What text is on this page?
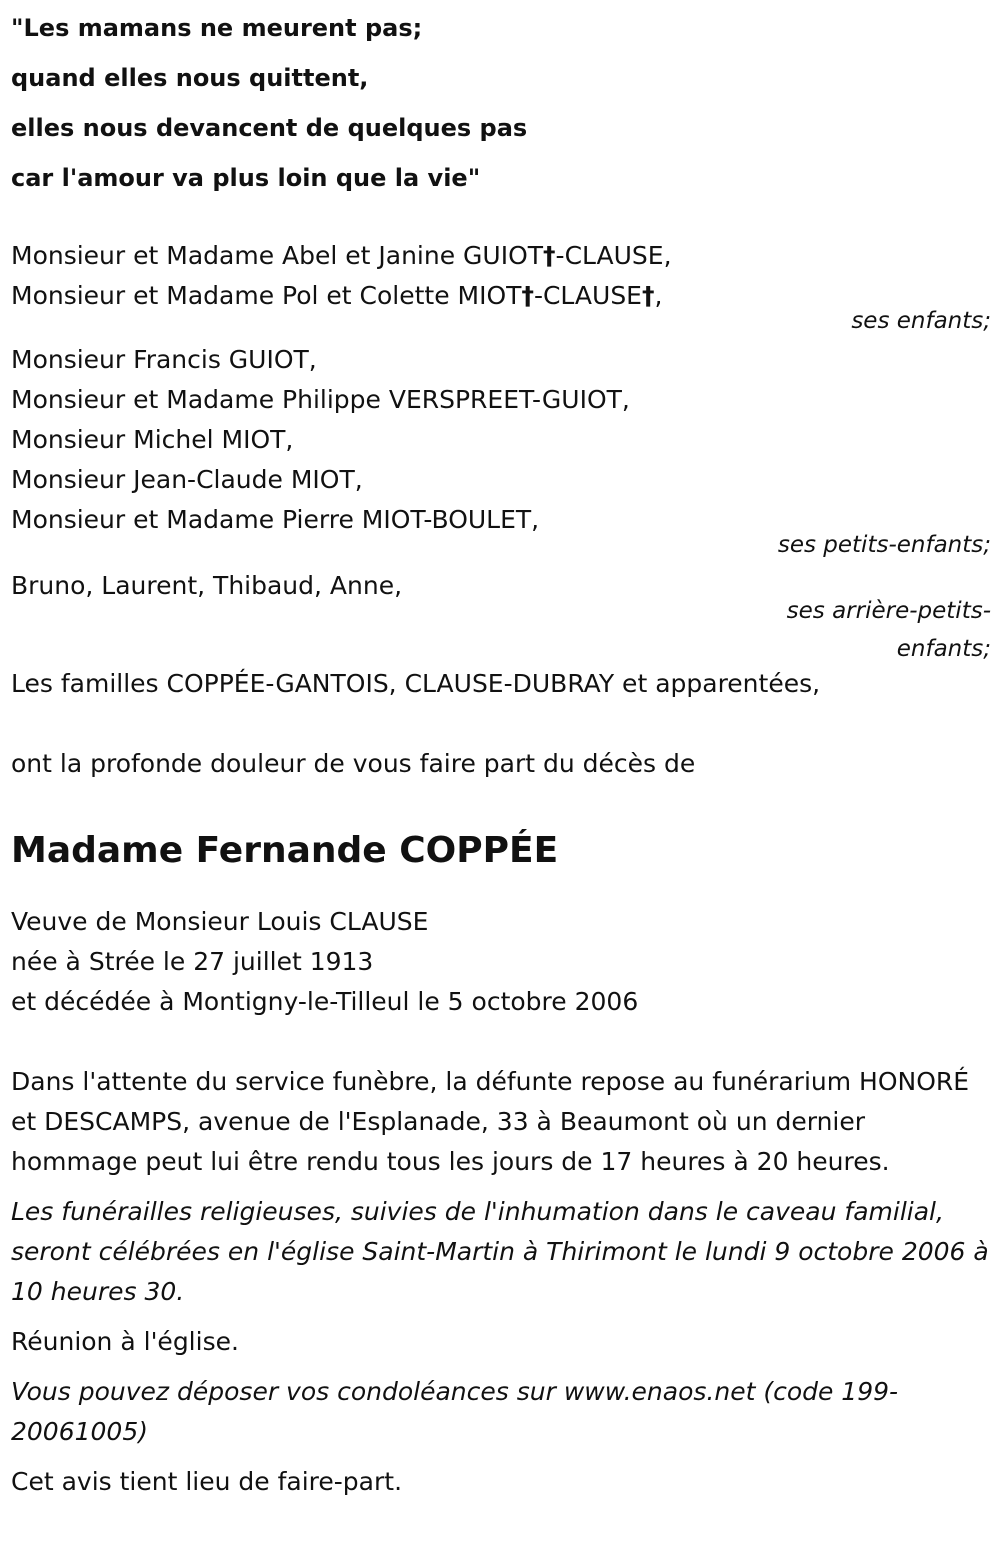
"Les mamans ne meurent pas;
quand elles nous quittent,
elles nous devancent de quelques pas
car l'amour va plus loin que la vie"
Monsieur et Madame Abel et Janine GUIOT†-CLAUSE,
Monsieur et Madame Pol et Colette MIOT†-CLAUSE†,
ses enfants;
Monsieur Francis GUIOT,
Monsieur et Madame Philippe VERSPREET-GUIOT,
Monsieur Michel MIOT,
Monsieur Jean-Claude MIOT,
Monsieur et Madame Pierre MIOT-BOULET,
ses petits-enfants;
Bruno, Laurent, Thibaud, Anne,
ses arrière-petits-
enfants;
Les familles COPPÉE-GANTOIS, CLAUSE-DUBRAY et apparentées,
ont la profonde douleur de vous faire part du décès de
Madame Fernande COPPÉE
Veuve de Monsieur Louis CLAUSE
née à Strée le 27 juillet 1913
et décédée à Montigny-le-Tilleul le 5 octobre 2006
Dans l'attente du service funèbre, la défunte repose au funérarium HONORÉ et DESCAMPS, avenue de l'Esplanade, 33 à Beaumont où un dernier hommage peut lui être rendu tous les jours de 17 heures à 20 heures.
Les funérailles religieuses, suivies de l'inhumation dans le caveau familial, seront célébrées en l'église Saint-Martin à Thirimont le lundi 9 octobre 2006 à 10 heures 30.
Réunion à l'église.
Vous pouvez déposer vos condoléances sur www.enaos.net (code 199-20061005)
Cet avis tient lieu de faire-part.
